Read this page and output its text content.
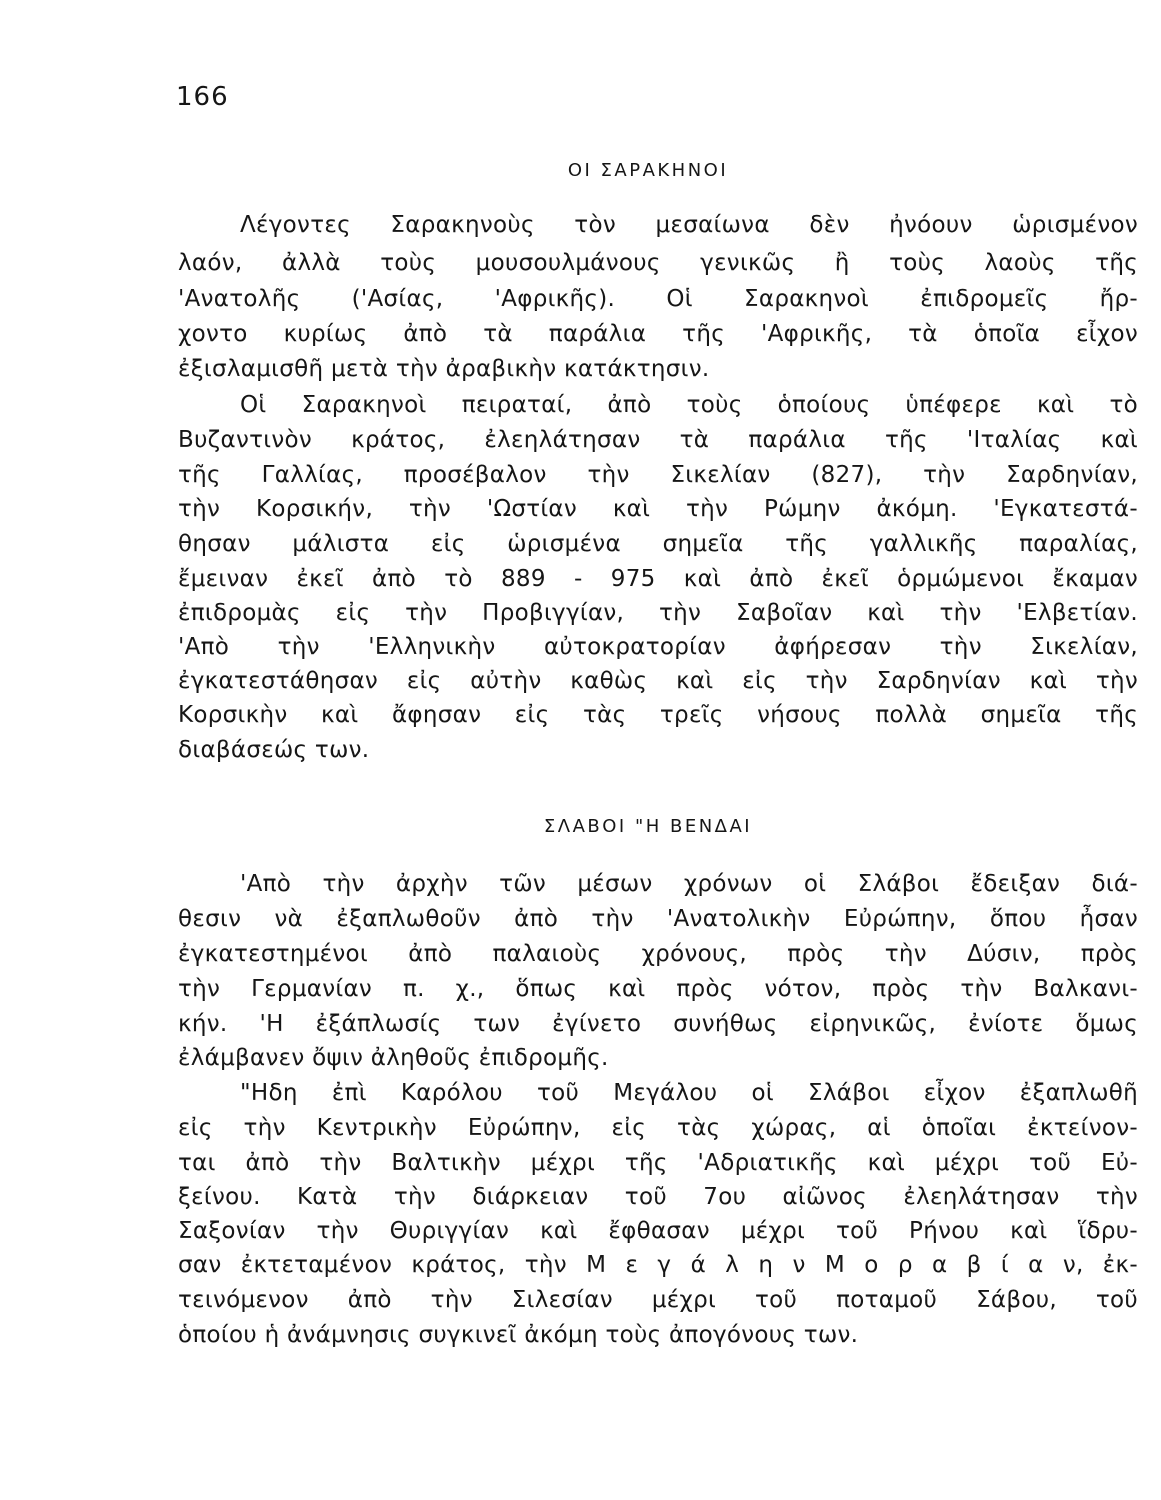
166
ΟΙ ΣΑΡΑΚΗΝΟΙ
Λέγοντες Σαρακηνοὺς τὸν μεσαίωνα δὲν ἠνόουν ὡρισμένον
λαόν, ἀλλὰ τοὺς μουσουλμάνους γενικῶς ἢ τοὺς λαοὺς τῆς
'Ανατολῆς ('Ασίας, 'Αφρικῆς). Οἱ Σαρακηνοὶ ἐπιδρομεῖς ἤρ-
χοντο κυρίως ἀπὸ τὰ παράλια τῆς 'Αφρικῆς, τὰ ὁποῖα εἶχον
ἐξισλαμισθῆ μετὰ τὴν ἀραβικὴν κατάκτησιν.
Οἱ Σαρακηνοὶ πειραταί, ἀπὸ τοὺς ὁποίους ὑπέφερε καὶ τὸ
Βυζαντινὸν κράτος, ἐλεηλάτησαν τὰ παράλια τῆς 'Ιταλίας καὶ
τῆς Γαλλίας, προσέβαλον τὴν Σικελίαν (827), τὴν Σαρδηνίαν,
τὴν Κορσικήν, τὴν 'Ωστίαν καὶ τὴν Ρώμην ἀκόμη. 'Εγκατεστά-
θησαν μάλιστα εἰς ὡρισμένα σημεῖα τῆς γαλλικῆς παραλίας,
ἔμειναν ἐκεῖ ἀπὸ τὸ 889 - 975 καὶ ἀπὸ ἐκεῖ ὁρμώμενοι ἔκαμαν
ἐπιδρομὰς εἰς τὴν Προβιγγίαν, τὴν Σαβοῖαν καὶ τὴν 'Ελβετίαν.
'Απὸ τὴν 'Ελληνικὴν αὐτοκρατορίαν ἀφήρεσαν τὴν Σικελίαν,
ἐγκατεστάθησαν εἰς αὐτὴν καθὼς καὶ εἰς τὴν Σαρδηνίαν καὶ τὴν
Κορσικὴν καὶ ἄφησαν εἰς τὰς τρεῖς νήσους πολλὰ σημεῖα τῆς
διαβάσεώς των.
ΣΛΑΒΟΙ "Η ΒΕΝΔΑΙ
'Απὸ τὴν ἀρχὴν τῶν μέσων χρόνων οἱ Σλάβοι ἔδειξαν διά-
θεσιν νὰ ἐξαπλωθοῦν ἀπὸ τὴν 'Ανατολικὴν Εὐρώπην, ὅπου ἦσαν
ἐγκατεστημένοι ἀπὸ παλαιοὺς χρόνους, πρὸς τὴν Δύσιν, πρὸς
τὴν Γερμανίαν π. χ., ὅπως καὶ πρὸς νότον, πρὸς τὴν Βαλκανι-
κήν. 'Η ἐξάπλωσίς των ἐγίνετο συνήθως εἰρηνικῶς, ἐνίοτε ὅμως
ἐλάμβανεν ὄψιν ἀληθοῦς ἐπιδρομῆς.
"Ηδη ἐπὶ Καρόλου τοῦ Μεγάλου οἱ Σλάβοι εἶχον ἐξαπλωθῆ
εἰς τὴν Κεντρικὴν Εὐρώπην, εἰς τὰς χώρας, αἱ ὁποῖαι ἐκτείνον-
ται ἀπὸ τὴν Βαλτικὴν μέχρι τῆς 'Αδριατικῆς καὶ μέχρι τοῦ Εὐ-
ξείνου. Κατὰ τὴν διάρκειαν τοῦ 7ου αἰῶνος ἐλεηλάτησαν τὴν
Σαξονίαν τὴν Θυριγγίαν καὶ ἔφθασαν μέχρι τοῦ Ρήνου καὶ ἵδρυ-
σαν ἐκτεταμένον κράτος, τὴν Μ ε γ ά λ η ν Μ ο ρ α β ί α ν, ἐκ-
τεινόμενον ἀπὸ τὴν Σιλεσίαν μέχρι τοῦ ποταμοῦ Σάβου, τοῦ
ὁποίου ἡ ἀνάμνησις συγκινεῖ ἀκόμη τοὺς ἀπογόνους των.
